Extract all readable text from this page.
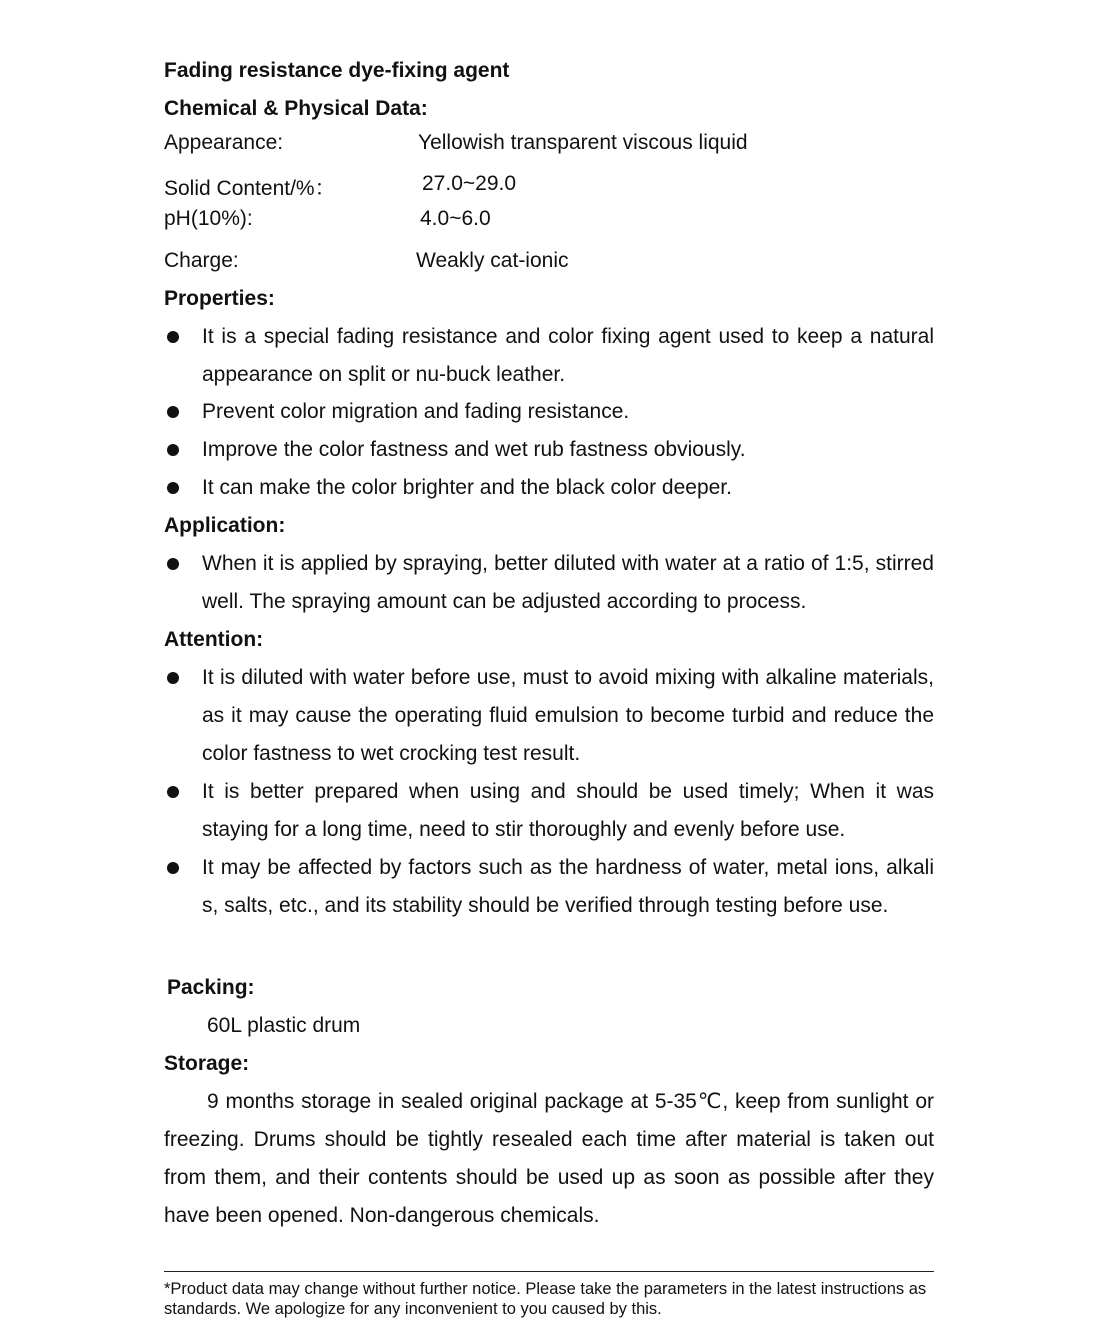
Fading resistance dye-fixing agent
Chemical & Physical Data:
Appearance:	Yellowish transparent viscous liquid
Solid Content/%：	27.0~29.0
pH(10%):	4.0~6.0
Charge:	Weakly cat-ionic
Properties:
It is a special fading resistance and color fixing agent used to keep a natural appearance on split or nu-buck leather.
Prevent color migration and fading resistance.
Improve the color fastness and wet rub fastness obviously.
It can make the color brighter and the black color deeper.
Application:
When it is applied by spraying, better diluted with water at a ratio of 1:5, stirred well. The spraying amount can be adjusted according to process.
Attention:
It is diluted with water before use, must to avoid mixing with alkaline materials, as it may cause the operating fluid emulsion to become turbid and reduce the color fastness to wet crocking test result.
It is better prepared when using and should be used timely; When it was staying for a long time, need to stir thoroughly and evenly before use.
It may be affected by factors such as the hardness of water, metal ions, alkali s, salts, etc., and its stability should be verified through testing before use.
Packing:
60L plastic drum
Storage:
9 months storage in sealed original package at 5-35℃, keep from sunlight or freezing. Drums should be tightly resealed each time after material is taken out from them, and their contents should be used up as soon as possible after they have been opened. Non-dangerous chemicals.
*Product data may change without further notice. Please take the parameters in the latest instructions as standards. We apologize for any inconvenient to you caused by this.
